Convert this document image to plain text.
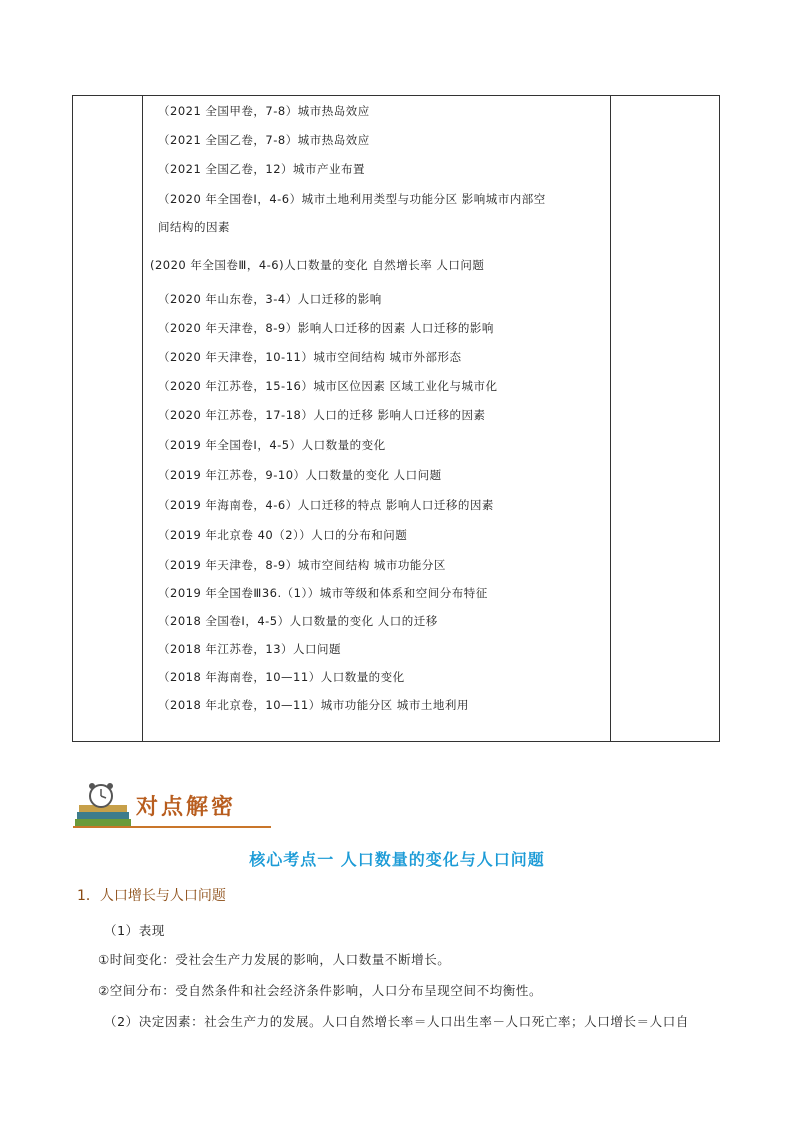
（2021 全国甲卷，7-8）城市热岛效应
（2021 全国乙卷，7-8）城市热岛效应
（2021 全国乙卷，12）城市产业布置
（2020 年全国卷Ⅰ，4-6）城市土地利用类型与功能分区 影响城市内部空
间结构的因素
(2020 年全国卷Ⅲ，4-6)人口数量的变化 自然增长率 人口问题
（2020 年山东卷，3-4）人口迁移的影响
（2020 年天津卷，8-9）影响人口迁移的因素 人口迁移的影响
（2020 年天津卷，10-11）城市空间结构 城市外部形态
（2020 年江苏卷，15-16）城市区位因素 区域工业化与城市化
（2020 年江苏卷，17-18）人口的迁移 影响人口迁移的因素
（2019 年全国卷Ⅰ，4-5）人口数量的变化
（2019 年江苏卷，9-10）人口数量的变化 人口问题
（2019 年海南卷，4-6）人口迁移的特点 影响人口迁移的因素
（2019 年北京卷 40（2））人口的分布和问题
（2019 年天津卷，8-9）城市空间结构 城市功能分区
（2019 年全国卷Ⅲ36.（1））城市等级和体系和空间分布特征
（2018 全国卷Ⅰ，4-5）人口数量的变化 人口的迁移
（2018 年江苏卷，13）人口问题
（2018 年海南卷，10—11）人口数量的变化
（2018 年北京卷，10—11）城市功能分区 城市土地利用
对点解密
核心考点一 人口数量的变化与人口问题
1．人口增长与人口问题
（1）表现
①时间变化：受社会生产力发展的影响，人口数量不断增长。
②空间分布：受自然条件和社会经济条件影响，人口分布呈现空间不均衡性。
（2）决定因素：社会生产力的发展。人口自然增长率＝人口出生率－人口死亡率；人口增长＝人口自
